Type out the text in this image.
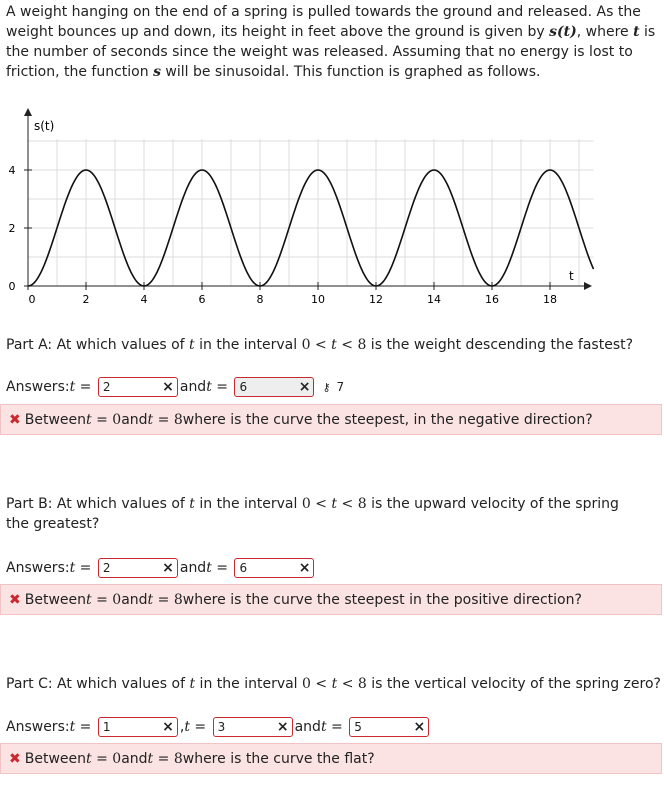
A weight hanging on the end of a spring is pulled towards the ground and released. As the weight bounces up and down, its height in feet above the ground is given by s(t), where t is the number of seconds since the weight was released. Assuming that no energy is lost to friction, the function s will be sinusoidal. This function is graphed as follows.
s(t)
t
0
2
4
0	2	4	6	8	10	12	14	16	18
Part A: At which values of t in the interval 0 < t < 8 is the weight descending the fastest?
Answers: t
=
2	× and t
=
6	× ⚷ 7
✖ Between t
=
0 and t
=
8 where is the curve the steepest, in the negative direction?
Part B: At which values of t in the interval 0 < t < 8 is the upward velocity of the spring the greatest?
Answers: t
=
2	× and t
=
6	×
✖ Between t
=
0 and t
=
8 where is the curve the steepest in the positive direction?
Part C: At which values of t in the interval 0 < t < 8 is the vertical velocity of the spring zero?
Answers: t
=
1	× , t
=
3	× and t
=
5	×
✖ Between t
=
0 and t
=
8 where is the curve the flat?
